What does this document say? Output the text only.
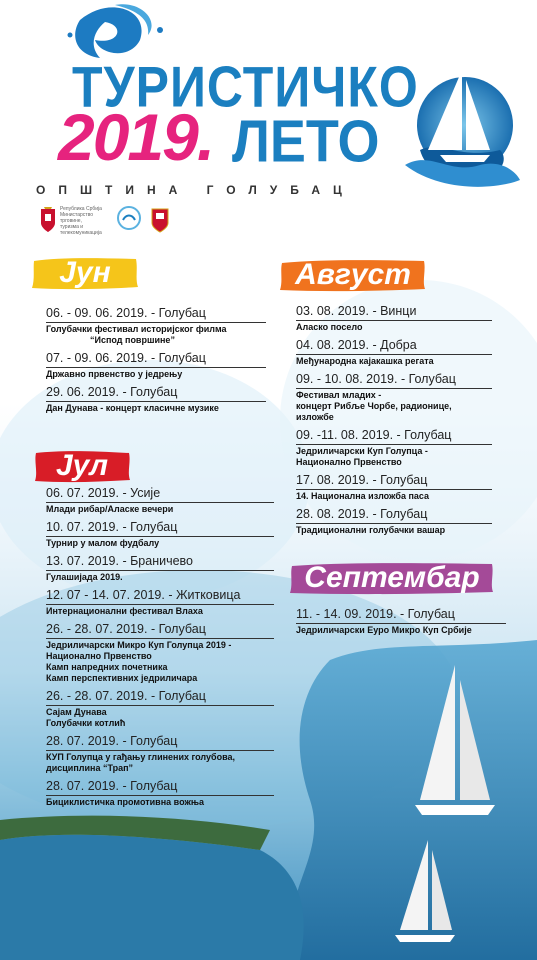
ТУРИСТИЧКО
2019. ЛЕТО
ОПШТИНА ГОЛУБАЦ
Република Србија
Министарство трговине,
туризма и телекомуникација
Јун
06. - 09. 06. 2019. - Голубац
Голубачки фестивал историјског филма
“Испод површине”
07. - 09. 06. 2019. - Голубац
Државно првенство у једрењу
29. 06. 2019. - Голубац
Дан Дунава - концерт класичне музике
Јул
06. 07. 2019. - Усије
Млади рибар/Аласке вечери
10. 07. 2019. - Голубац
Турнир у малом фудбалу
13. 07. 2019. - Браничево
Гулашијада 2019.
12. 07 - 14. 07. 2019. - Житковица
Интернационални фестивал Влаха
26. - 28. 07. 2019. - Голубац
Једриличарски Микро Куп Голупца 2019 -
Национално Првенство
Камп напредних почетника
Камп перспективних једриличара
26. - 28. 07. 2019. - Голубац
Сајам Дунава
Голубачки котлић
28. 07. 2019. - Голубац
КУП Голупца у гађању глинених голубова,
дисциплина “Трап”
28. 07. 2019. - Голубац
Бициклистичка промотивна вожња
Август
03. 08. 2019. - Винци
Аласко посело
04. 08. 2019. - Добра
Међународна кајакашка регата
09. - 10. 08. 2019. - Голубац
Фестивал младих -
концерт Рибље Чорбе, радионице,
изложбе
09. -11. 08. 2019. - Голубац
Једриличарски Куп Голупца -
Национално Првенство
17. 08. 2019. - Голубац
14. Национална изложба паса
28. 08. 2019. - Голубац
Традиционални голубачки вашар
Септембар
11. - 14. 09. 2019. - Голубац
Једриличарски Еуро Микро Куп Србије
